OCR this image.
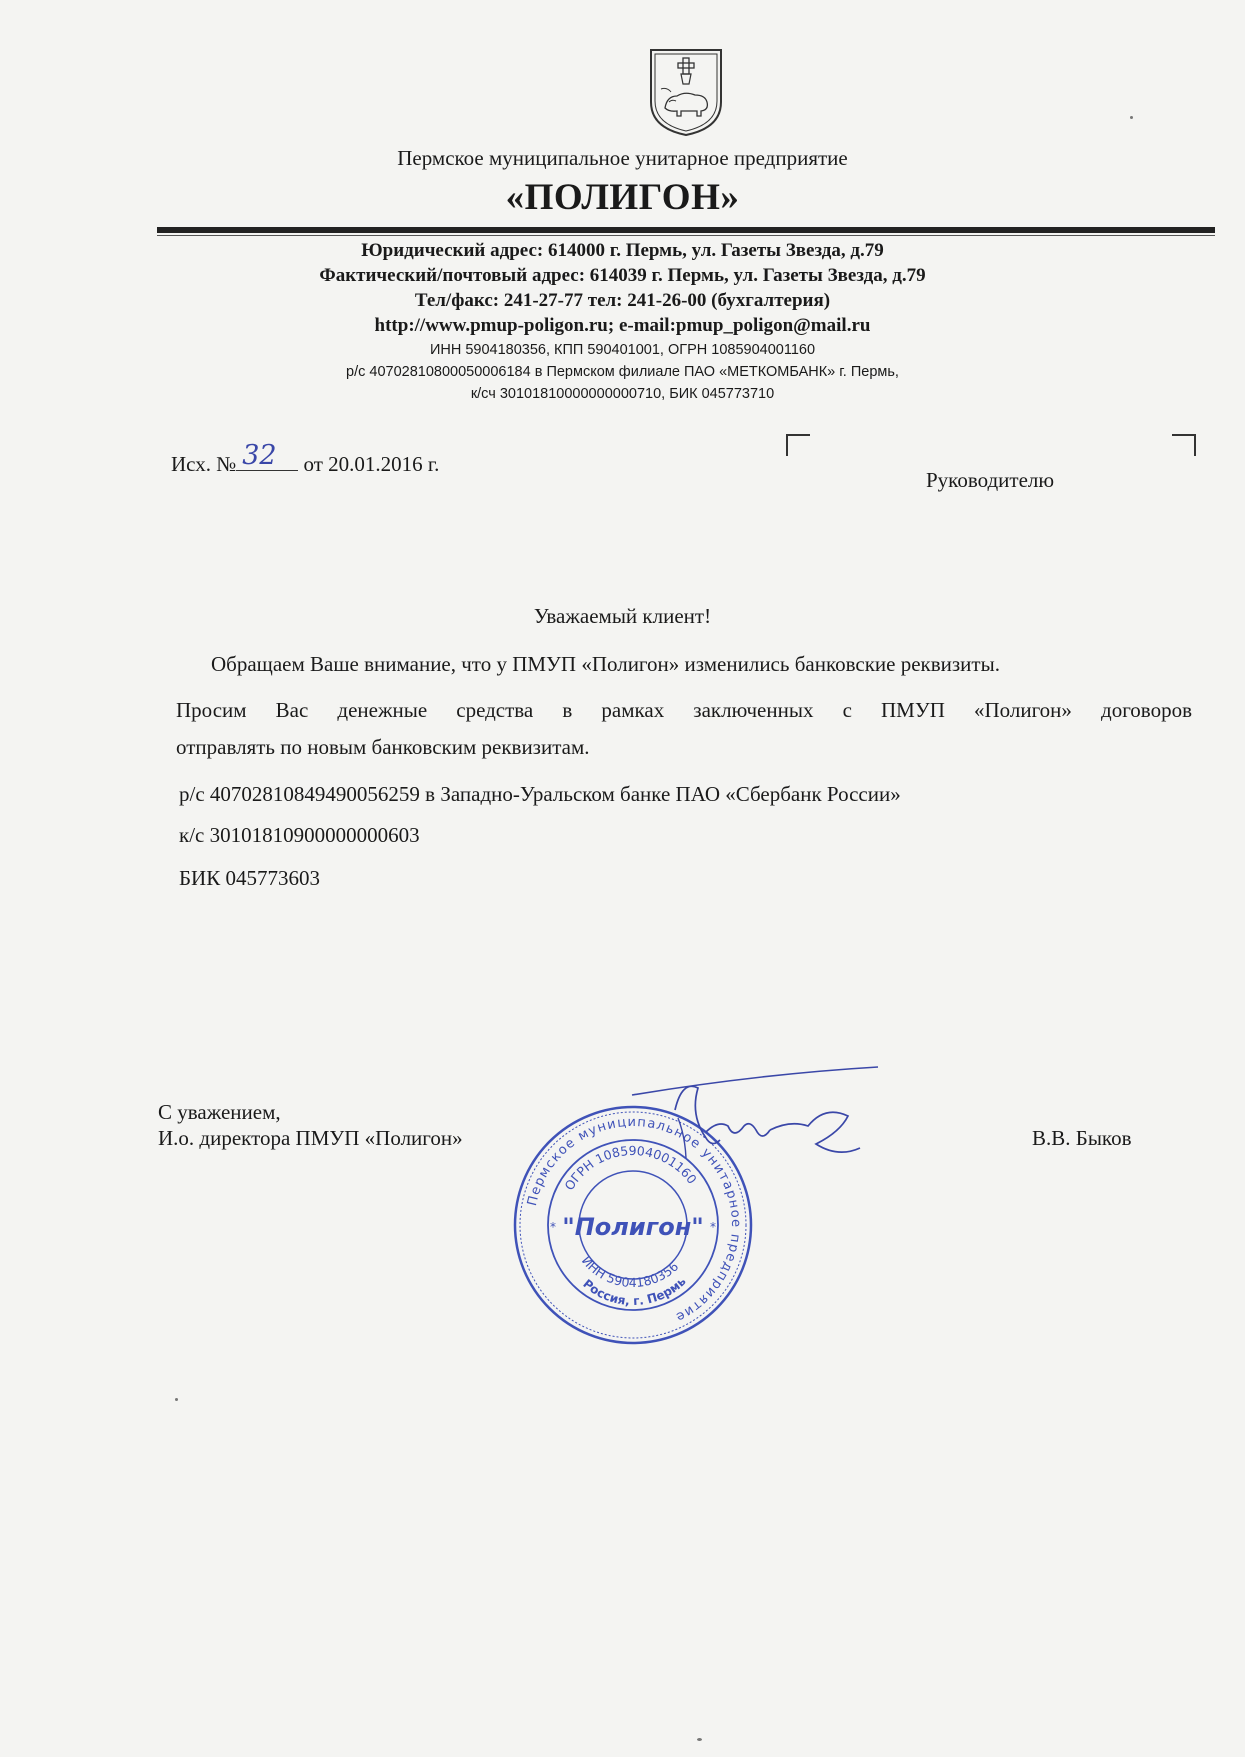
Пермское муниципальное унитарное предприятие
«ПОЛИГОН»
Юридический адрес: 614000 г. Пермь, ул. Газеты Звезда, д.79
Фактический/почтовый адрес: 614039 г. Пермь, ул. Газеты Звезда, д.79
Тел/факс: 241-27-77 тел: 241-26-00 (бухгалтерия)
http://www.pmup-poligon.ru; e-mail:pmup_poligon@mail.ru
ИНН 5904180356, КПП 590401001, ОГРН 1085904001160
р/с 40702810800050006184 в Пермском филиале ПАО «МЕТКОМБАНК» г. Пермь,
к/сч 30101810000000000710, БИК 045773710
Исх. № 32 от 20.01.2016 г.
Руководителю
Уважаемый клиент!
Обращаем Ваше внимание, что у ПМУП «Полигон» изменились банковские реквизиты.
Просим Вас денежные средства в рамках заключенных с ПМУП «Полигон» договоров
отправлять по новым банковским реквизитам.
р/с 40702810849490056259 в Западно-Уральском банке ПАО «Сбербанк России»
к/с 30101810900000000603
БИК 045773603
С уважением,
И.о. директора ПМУП «Полигон»	В.В. Быков
Пермское муниципальное унитарное предприятие
ОГРН 1085904001160
ИНН 5904180356
Россия, г. Пермь
"Полигон"
*	*
